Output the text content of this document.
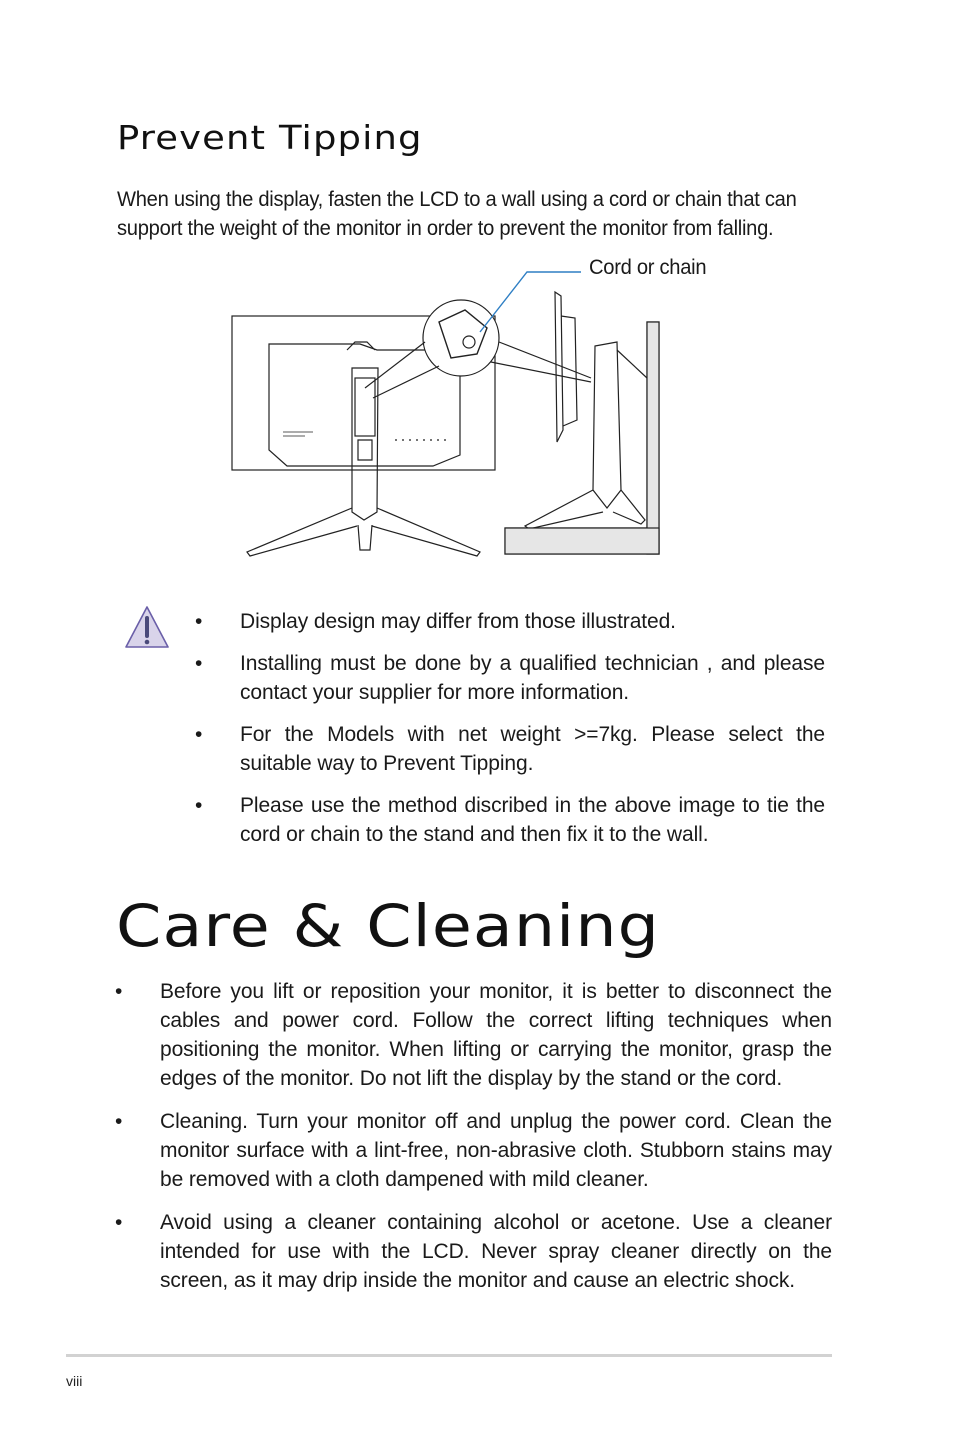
Prevent Tipping

When using the display, fasten the LCD to a wall using a cord or chain that can support the weight of the monitor in order to prevent the monitor from falling.

Cord or chain
• Display design may differ from those illustrated.
• Installing must be done by a qualified technician , and please contact your supplier for more information.
• For the Models with net weight >=7kg. Please select the suitable way to Prevent Tipping.
• Please use the method discribed in the above image to tie the cord or chain to the stand and then fix it to the wall.
Care & Cleaning
• Before you lift or reposition your monitor, it is better to disconnect the cables and power cord. Follow the correct lifting techniques when positioning the monitor. When lifting or carrying the monitor, grasp the edges of the monitor. Do not lift the display by the stand or the cord.
• Cleaning. Turn your monitor off and unplug the power cord. Clean the monitor surface with a lint-free, non-abrasive cloth. Stubborn stains may be removed with a cloth dampened with mild cleaner.
• Avoid using a cleaner containing alcohol or acetone. Use a cleaner intended for use with the LCD. Never spray cleaner directly on the screen, as it may drip inside the monitor and cause an electric shock.
viii
